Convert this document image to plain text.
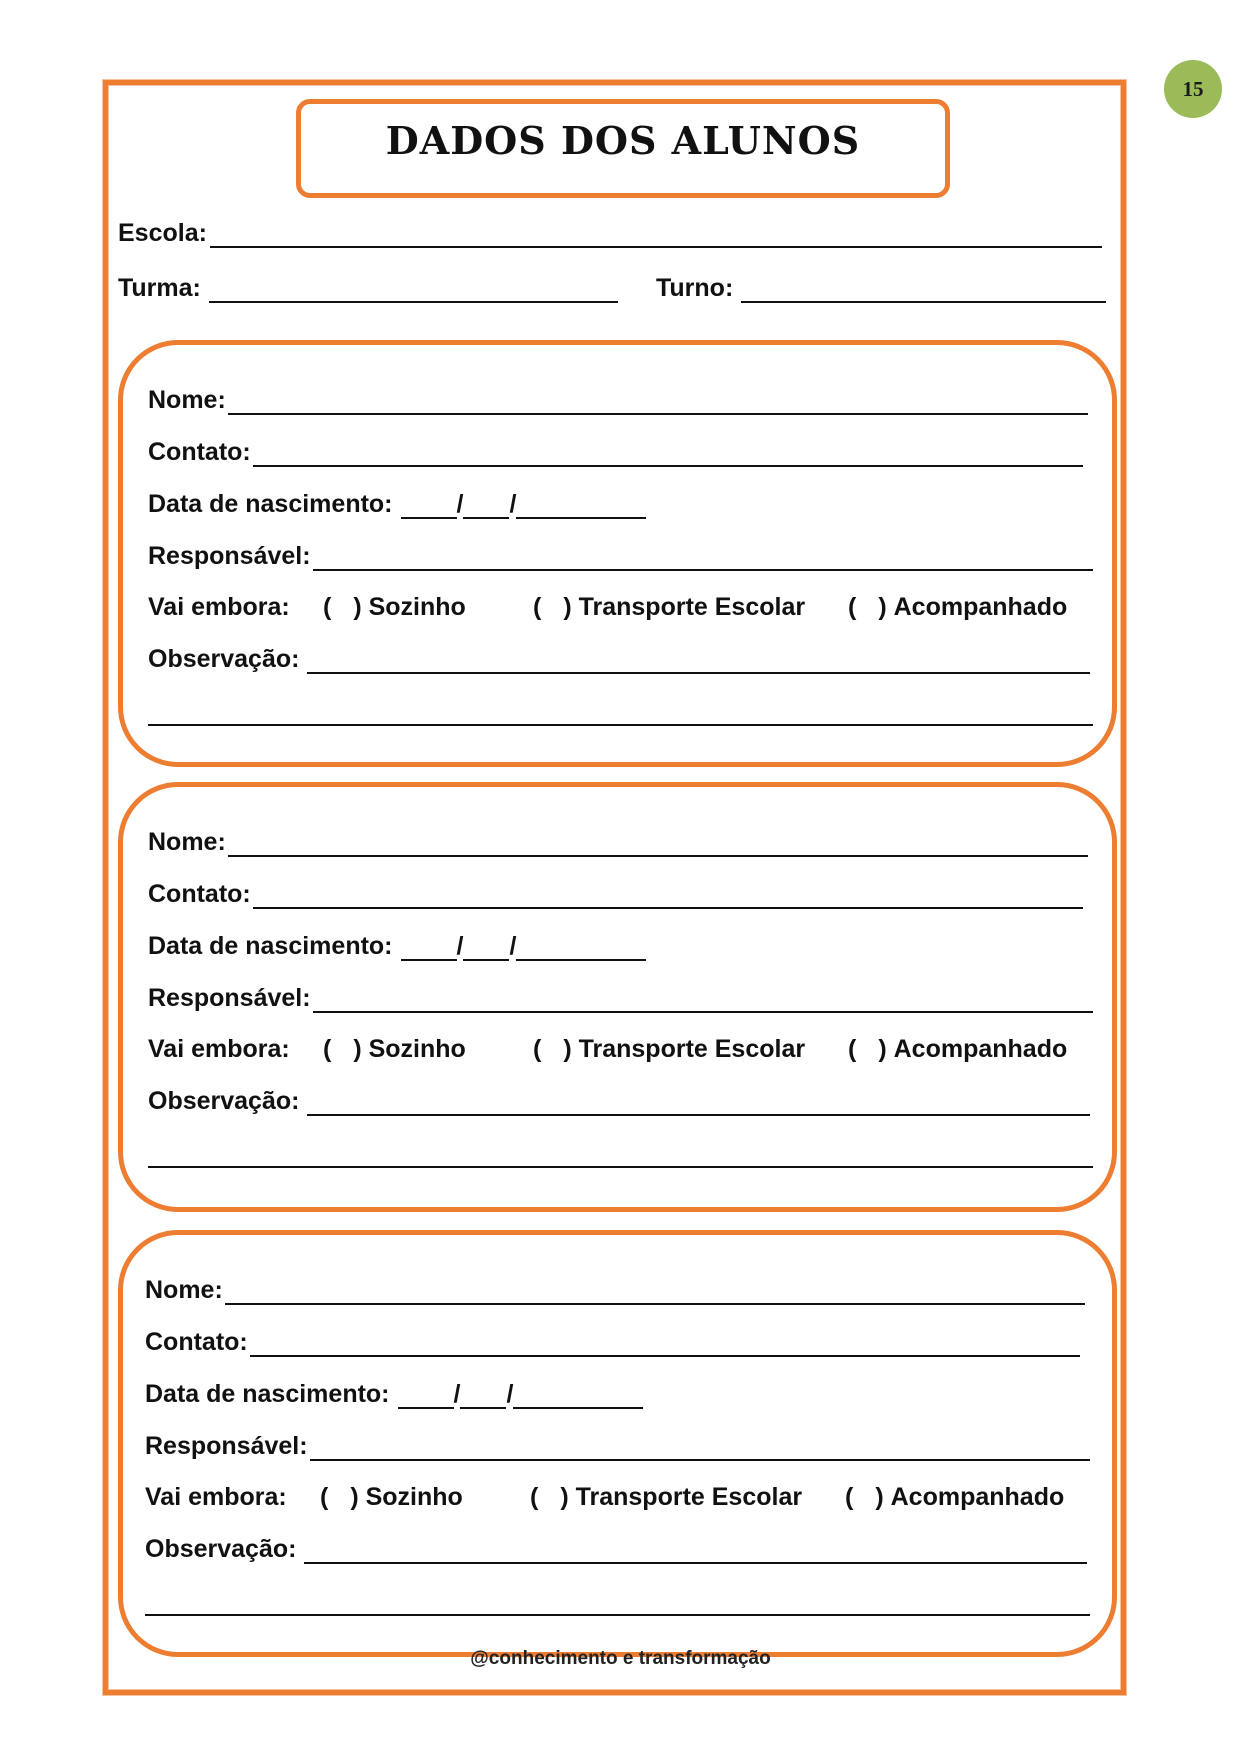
15
DADOS DOS ALUNOS
Escola:
Turma:	Turno:
Nome:
Contato:
Data de nascimento:	/ /
Responsável:
Vai embora:	( ) Sozinho	( ) Transporte Escolar ( ) Acompanhado
Observação:
Nome:
Contato:
Data de nascimento:	/ /
Responsável:
Vai embora:	( ) Sozinho	( ) Transporte Escolar ( ) Acompanhado
Observação:
Nome:
Contato:
Data de nascimento:	/ /
Responsável:
Vai embora:	( ) Sozinho	( ) Transporte Escolar ( ) Acompanhado
Observação:
@conhecimento e transformação
